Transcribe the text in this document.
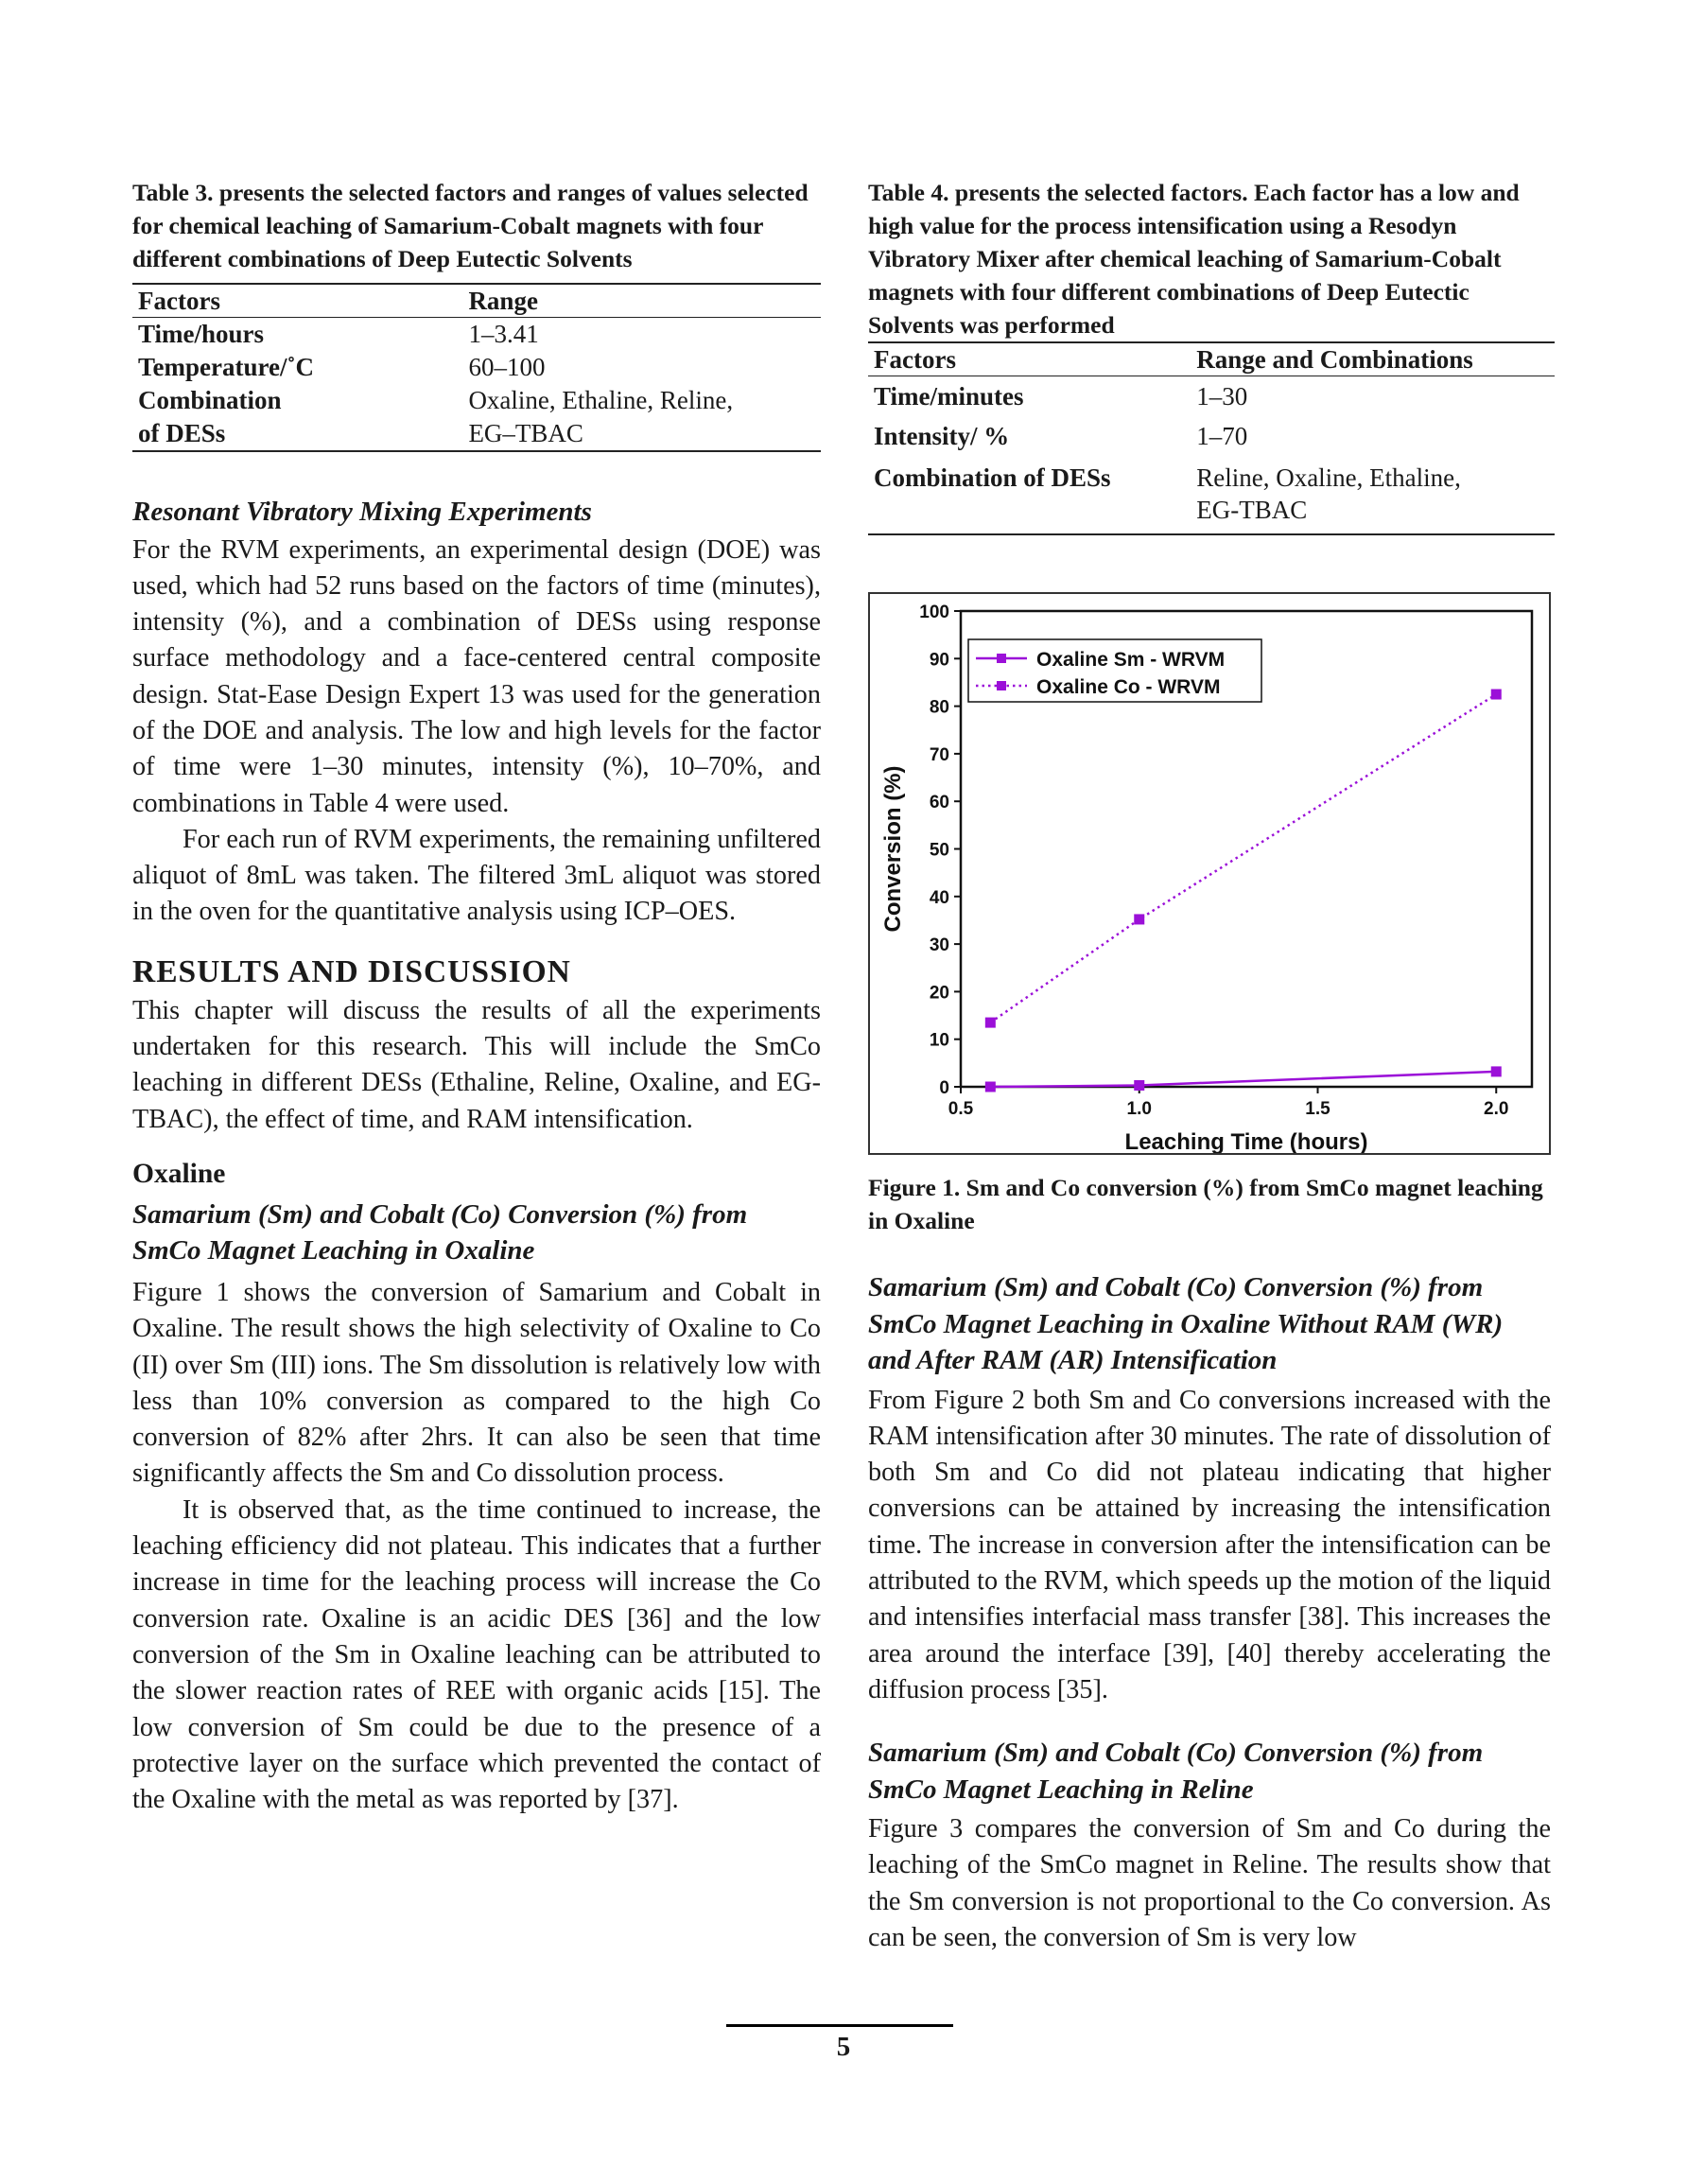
Table 3. presents the selected factors and ranges of values selected for chemical leaching of Samarium-Cobalt magnets with four different combinations of Deep Eutectic Solvents

Factors	Range
Time/hours	1–3.41
Temperature/˚C	60–100
Combination	Oxaline, Ethaline, Reline,
of DESs	EG–TBAC

Resonant Vibratory Mixing Experiments

For the RVM experiments, an experimental design (DOE) was used, which had 52 runs based on the factors of time (minutes), intensity (%), and a combination of DESs using response surface methodology and a face-centered central composite design. Stat-Ease Design Expert 13 was used for the generation of the DOE and analysis. The low and high levels for the factor of time were 1–30 minutes, intensity (%), 10–70%, and combinations in Table 4 were used.

For each run of RVM experiments, the remaining unfiltered aliquot of 8mL was taken. The filtered 3mL aliquot was stored in the oven for the quantitative analysis using ICP–OES.

RESULTS AND DISCUSSION

This chapter will discuss the results of all the experiments undertaken for this research. This will include the SmCo leaching in different DESs (Ethaline, Reline, Oxaline, and EG-TBAC), the effect of time, and RAM intensification.

Oxaline

Samarium (Sm) and Cobalt (Co) Conversion (%) from SmCo Magnet Leaching in Oxaline

Figure 1 shows the conversion of Samarium and Cobalt in Oxaline. The result shows the high selectivity of Oxaline to Co (II) over Sm (III) ions. The Sm dissolution is relatively low with less than 10% conversion as compared to the high Co conversion of 82% after 2hrs. It can also be seen that time significantly affects the Sm and Co dissolution process.

It is observed that, as the time continued to increase, the leaching efficiency did not plateau. This indicates that a further increase in time for the leaching process will increase the Co conversion rate. Oxaline is an acidic DES [36] and the low conversion of the Sm in Oxaline leaching can be attributed to the slower reaction rates of REE with organic acids [15]. The low conversion of Sm could be due to the presence of a protective layer on the surface which prevented the contact of the Oxaline with the metal as was reported by [37].

Table 4. presents the selected factors. Each factor has a low and high value for the process intensification using a Resodyn Vibratory Mixer after chemical leaching of Samarium-Cobalt magnets with four different combinations of Deep Eutectic Solvents was performed

Factors	Range and Combinations
Time/minutes	1–30
Intensity/ %	1–70
Combination of DESs	Reline, Oxaline, Ethaline,
	EG-TBAC
0
10
20
30
40
50
60
70
80
90
100
0.5	1.0	1.5	2.0
Leaching Time (hours)
Conversion (%)
Oxaline Sm - WRVM
Oxaline Co - WRVM

Figure 1. Sm and Co conversion (%) from SmCo magnet leaching in Oxaline

Samarium (Sm) and Cobalt (Co) Conversion (%) from SmCo Magnet Leaching in Oxaline Without RAM (WR) and After RAM (AR) Intensification

From Figure 2 both Sm and Co conversions increased with the RAM intensification after 30 minutes. The rate of dissolution of both Sm and Co did not plateau indicating that higher conversions can be attained by increasing the intensification time. The increase in conversion after the intensification can be attributed to the RVM, which speeds up the motion of the liquid and intensifies interfacial mass transfer [38]. This increases the area around the interface [39], [40] thereby accelerating the diffusion process [35].

Samarium (Sm) and Cobalt (Co) Conversion (%) from SmCo Magnet Leaching in Reline

Figure 3 compares the conversion of Sm and Co during the leaching of the SmCo magnet in Reline. The results show that the Sm conversion is not proportional to the Co conversion. As can be seen, the conversion of Sm is very low

5
